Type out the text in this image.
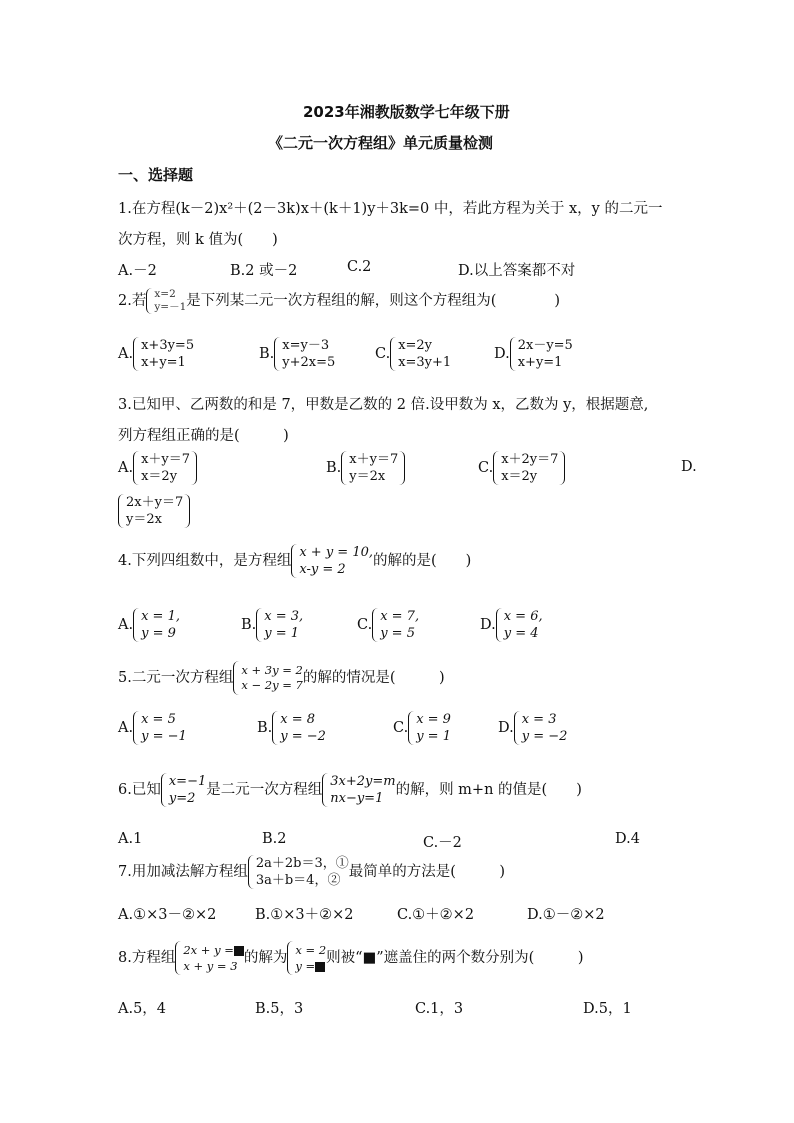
2023年湘教版数学七年级下册
《二元一次方程组》单元质量检测
一、选择题
1.在方程(k－2)x²＋(2－3k)x＋(k＋1)y＋3k=0 中，若此方程为关于 x，y 的二元一
次方程，则 k 值为(　　)
A.－2	B.2 或－2	C.2	D.以上答案都不对
2.若 x=2
y=－1 是下列某二元一次方程组的解，则这个方程组为(　　　　)
A.
x+3y=5
x+y=1
B.
x=y－3
y+2x=5
C.
x=2y
x=3y+1
D.
2x－y=5
x+y=1
3.已知甲、乙两数的和是 7，甲数是乙数的 2 倍.设甲数为 x，乙数为 y，根据题意,
列方程组正确的是(　　　)
A.
x＋y＝7
x＝2y
B.
x＋y＝7
y＝2x
C.
x＋2y＝7
x＝2y
D.
2x＋y＝7
y＝2x
4.下列四组数中，是方程组
x + y = 10,
x-y = 2
的解的是(　　)
A.
x = 1,
y = 9
B.
x = 3,
y = 1
C.
x = 7,
y = 5
D.
x = 6,
y = 4
5.二元一次方程组 x + 3y = 2
x − 2y = 7 的解的情况是(　　　)
A.
x = 5
y = −1
B.
x = 8
y = −2
C.
x = 9
y = 1
D.
x = 3
y = −2
6.已知
x=−1
y=2
是二元一次方程组
3x+2y=m
nx−y=1
的解，则 m+n 的值是(　　)
A.1	B.2	C.－2	D.4
7.用加减法解方程组
2a＋2b＝3，①
3a＋b＝4，②
最简单的方法是(　　　)
A.①×3－②×2	B.①×3＋②×2	C.①＋②×2	D.①－②×2
8.方程组 2x + y =
x + y = 3 的解为 x = 2
y = 则被“■”遮盖住的两个数分别为(　　　)
A.5，4	B.5，3	C.1，3	D.5，1
